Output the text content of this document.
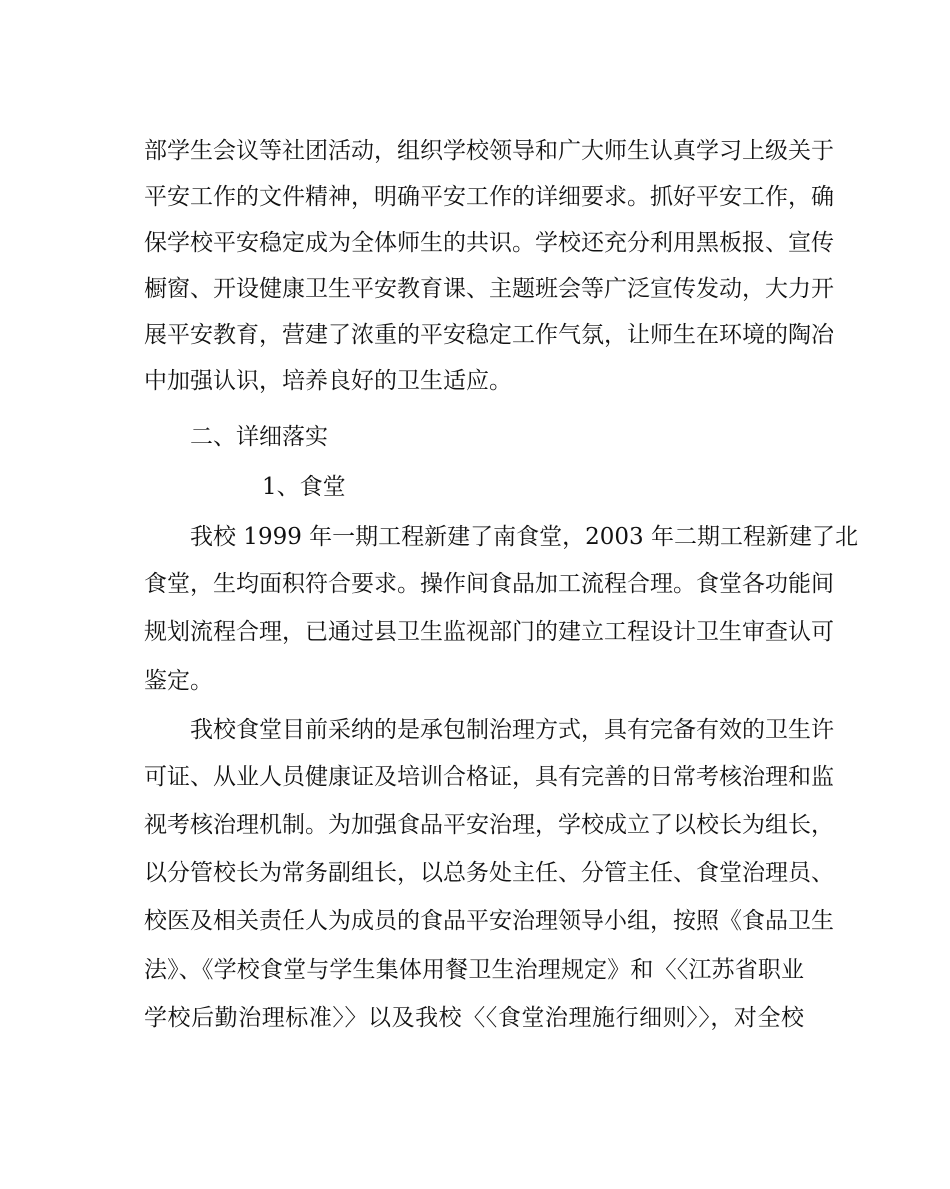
部学生会议等社团活动，组织学校领导和广大师生认真学习上级关于
平安工作的文件精神，明确平安工作的详细要求。抓好平安工作，确
保学校平安稳定成为全体师生的共识。学校还充分利用黑板报、宣传
橱窗、开设健康卫生平安教育课、主题班会等广泛宣传发动，大力开
展平安教育，营建了浓重的平安稳定工作气氛，让师生在环境的陶冶
中加强认识，培养良好的卫生适应。
二、详细落实
1、食堂
我校 1999 年一期工程新建了南食堂，2003 年二期工程新建了北
食堂，生均面积符合要求。操作间食品加工流程合理。食堂各功能间
规划流程合理，已通过县卫生监视部门的建立工程设计卫生审查认可
鉴定。
我校食堂目前采纳的是承包制治理方式，具有完备有效的卫生许
可证、从业人员健康证及培训合格证，具有完善的日常考核治理和监
视考核治理机制。为加强食品平安治理，学校成立了以校长为组长，
以分管校长为常务副组长，以总务处主任、分管主任、食堂治理员、
校医及相关责任人为成员的食品平安治理领导小组，按照《食品卫生
法》、《学校食堂与学生集体用餐卫生治理规定》和〈〈江苏省职业
学校后勤治理标准〉〉以及我校〈〈食堂治理施行细则〉〉，对全校
